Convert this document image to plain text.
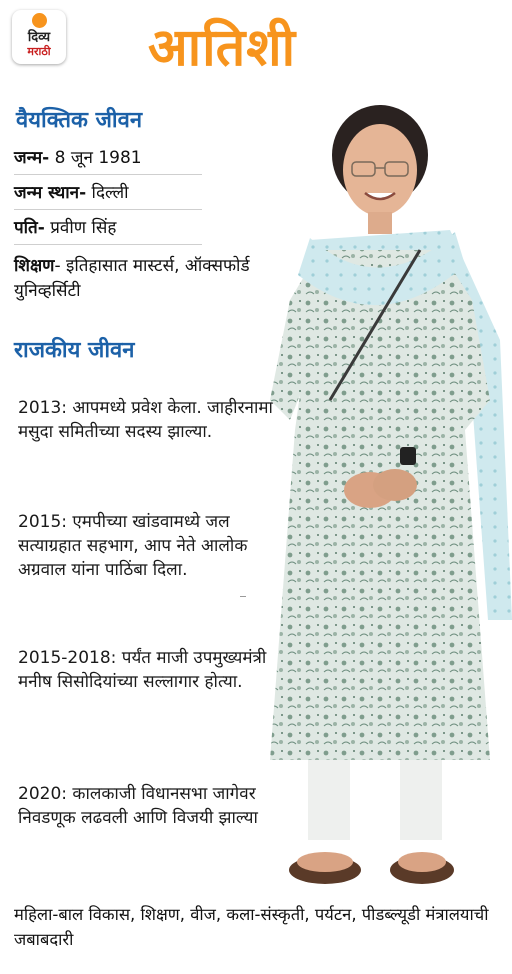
दिव्य
मराठी आतिशी
वैयक्तिक जीवन
जन्म- 8 जून 1981
जन्म स्थान- दिल्ली
पति- प्रवीण सिंह
शिक्षण- इतिहासात मास्टर्स, ऑक्सफोर्ड युनिव्हर्सिटी
राजकीय जीवन
2013: आपमध्ये प्रवेश केला. जाहीरनामा मसुदा समितीच्या सदस्य झाल्या.
2015: एमपीच्या खांडवामध्ये जल सत्याग्रहात सहभाग, आप नेते आलोक अग्रवाल यांना पाठिंबा दिला.
2015-2018: पर्यंत माजी उपमुख्यमंत्री मनीष सिसोदियांच्या सल्लागार होत्या.
2020: कालकाजी विधानसभा जागेवर निवडणूक लढवली आणि विजयी झाल्या
महिला-बाल विकास, शिक्षण, वीज, कला-संस्कृती, पर्यटन, पीडब्ल्यूडी मंत्रालयाची जबाबदारी
